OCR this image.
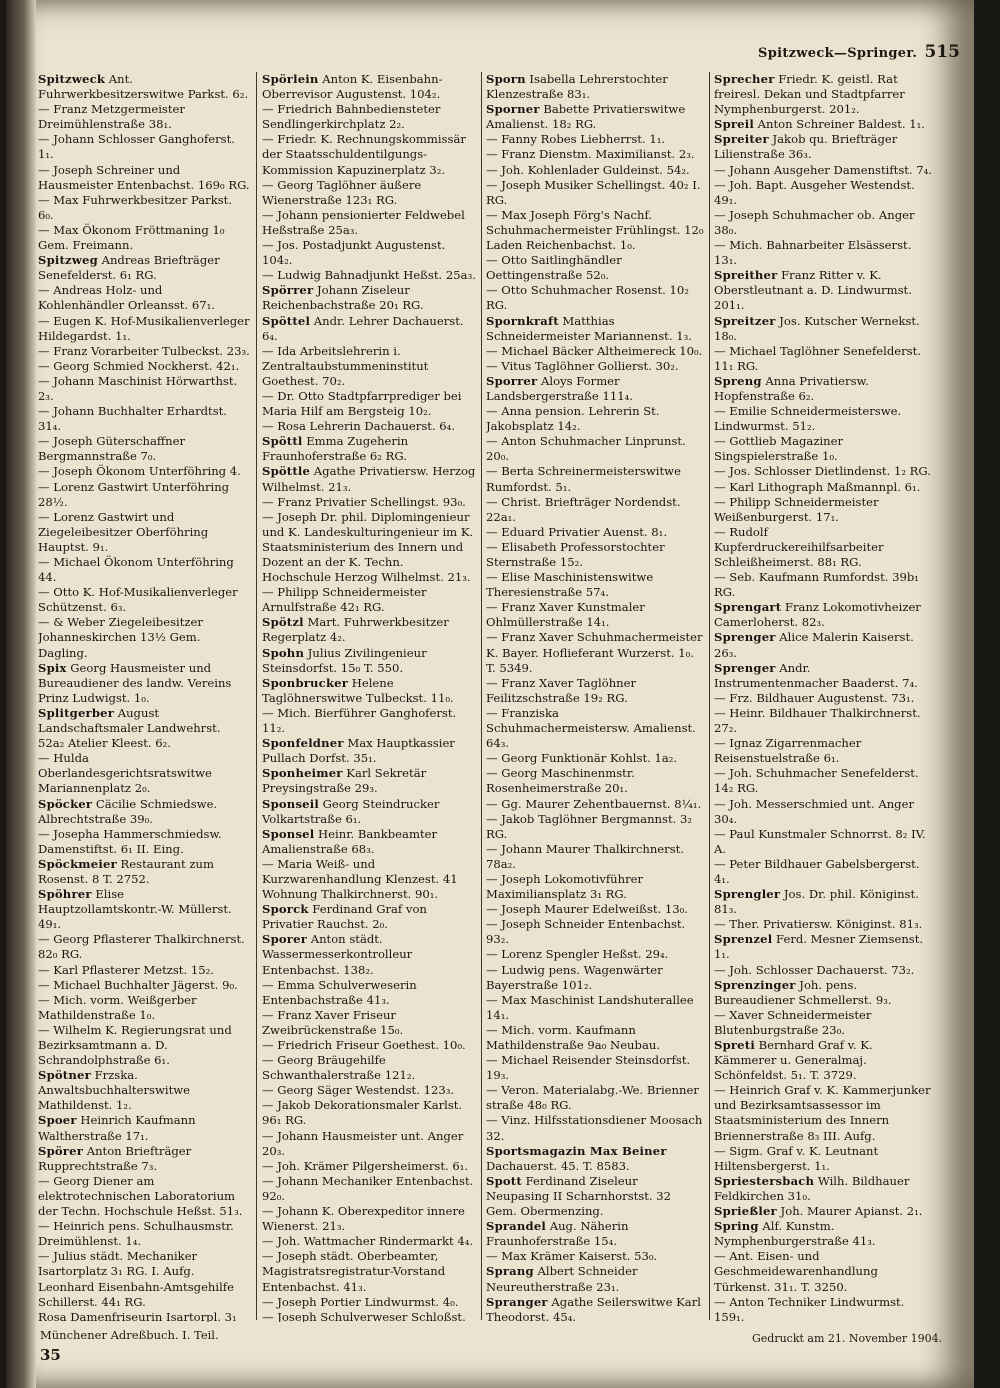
Spitzweck—Springer. 515

Spitzweck Ant. Fuhrwerkbesitzerswitwe Parkst. 6₂.

— Franz Metzgermeister Dreimühlenstraße 38₁.

— Johann Schlosser Ganghoferst. 1₁.

— Joseph Schreiner und Hausmeister Entenbachst. 169₀ RG.

— Max Fuhrwerkbesitzer Parkst. 6₀.

— Max Ökonom Fröttmaning 1₀ Gem. Freimann.

Spitzweg Andreas Briefträger Senefelderst. 6₁ RG.

— Andreas Holz- und Kohlenhändler Orleansst. 67₁.

— Eugen K. Hof-Musikalienverleger Hildegardst. 1₁.

— Franz Vorarbeiter Tulbeckst. 23₃.

— Georg Schmied Nockherst. 42₁.

— Johann Maschinist Hörwarthst. 2₃.

— Johann Buchhalter Erhardtst. 31₄.

— Joseph Güterschaffner Bergmannstraße 7₀.

— Joseph Ökonom Unterföhring 4.

— Lorenz Gastwirt Unterföhring 28½.

— Lorenz Gastwirt und Ziegeleibesitzer Oberföhring Hauptst. 9₁.

— Michael Ökonom Unterföhring 44.

— Otto K. Hof-Musikalienverleger Schützenst. 6₃.

— & Weber Ziegeleibesitzer Johanneskirchen 13½ Gem. Dagling.

Spix Georg Hausmeister und Bureaudiener des landw. Vereins Prinz Ludwigst. 1₀.

Splitgerber August Landschaftsmaler Landwehrst. 52a₂ Atelier Kleest. 6₂.

— Hulda Oberlandesgerichtsratswitwe Mariannenplatz 2₀.

Spöcker Cäcilie Schmiedswe. Albrechtstraße 39₀.

— Josepha Hammerschmiedsw. Damenstiftst. 6₁ II. Eing.

Spöckmeier Restaurant zum Rosenst. 8 T. 2752.

Spöhrer Elise Hauptzollamtskontr.-W. Müllerst. 49₁.

— Georg Pflasterer Thalkirchnerst. 82₀ RG.

— Karl Pflasterer Metzst. 15₂.

— Michael Buchhalter Jägerst. 9₀.

— Mich. vorm. Weißgerber Mathildenstraße 1₀.

— Wilhelm K. Regierungsrat und Bezirksamtmann a. D. Schrandolphstraße 6₁.

Spötner Frzska. Anwaltsbuchhalterswitwe Mathildenst. 1₂.

Spoer Heinrich Kaufmann Waltherstraße 17₁.

Spörer Anton Briefträger Rupprechtstraße 7₃.

— Georg Diener am elektrotechnischen Laboratorium der Techn. Hochschule Heßst. 51₃.

— Heinrich pens. Schulhausmstr. Dreimühlenst. 1₄.

— Julius städt. Mechaniker Isartorplatz 3₁ RG. I. Aufg.

Leonhard Eisenbahn-Amtsgehilfe Schillerst. 44₁ RG.

Rosa Damenfriseurin Isartorpl. 3₁

Spörlein Anton K. Eisenbahn-Oberrevisor Augustenst. 104₂.

— Friedrich Bahnbediensteter Sendlingerkirchplatz 2₂.

— Friedr. K. Rechnungskommissär der Staatsschuldentilgungs-Kommission Kapuzinerplatz 3₂.

— Georg Taglöhner äußere Wienerstraße 123₁ RG.

— Johann pensionierter Feldwebel Heßstraße 25a₃.

— Jos. Postadjunkt Augustenst. 104₂.

— Ludwig Bahnadjunkt Heßst. 25a₃.

Spörrer Johann Ziseleur Reichenbachstraße 20₁ RG.

Spöttel Andr. Lehrer Dachauerst. 6₄.

— Ida Arbeitslehrerin i. Zentraltaubstummeninstitut Goethest. 70₂.

— Dr. Otto Stadtpfarrprediger bei Maria Hilf am Bergsteig 10₂.

— Rosa Lehrerin Dachauerst. 6₄.

Spöttl Emma Zugeherin Fraunhoferstraße 6₂ RG.

Spöttle Agathe Privatiersw. Herzog Wilhelmst. 21₃.

— Franz Privatier Schellingst. 93₀.

— Joseph Dr. phil. Diplomingenieur und K. Landeskulturingenieur im K. Staatsministerium des Innern und Dozent an der K. Techn. Hochschule Herzog Wilhelmst. 21₃.

— Philipp Schneidermeister Arnulfstraße 42₁ RG.

Spötzl Mart. Fuhrwerkbesitzer Regerplatz 4₂.

Spohn Julius Zivilingenieur Steinsdorfst. 15₀ T. 550.

Sponbrucker Helene Taglöhnerswitwe Tulbeckst. 11₀.

— Mich. Bierführer Ganghoferst. 11₂.

Sponfeldner Max Hauptkassier Pullach Dorfst. 35₁.

Sponheimer Karl Sekretär Preysingstraße 29₃.

Sponseil Georg Steindrucker Volkartstraße 6₁.

Sponsel Heinr. Bankbeamter Amalienstraße 68₃.

— Maria Weiß- und Kurzwarenhandlung Klenzest. 41 Wohnung Thalkirchnerst. 90₁.

Sporck Ferdinand Graf von Privatier Rauchst. 2₀.

Sporer Anton städt. Wassermesserkontrolleur Entenbachst. 138₂.

— Emma Schulverweserin Entenbachstraße 41₃.

— Franz Xaver Friseur Zweibrückenstraße 15₀.

— Friedrich Friseur Goethest. 10₀.

— Georg Bräugehilfe Schwanthalerstraße 121₂.

— Georg Säger Westendst. 123₃.

— Jakob Dekorationsmaler Karlst. 96₁ RG.

— Johann Hausmeister unt. Anger 20₃.

— Joh. Krämer Pilgersheimerst. 6₁.

— Johann Mechaniker Entenbachst. 92₀.

— Johann K. Oberexpeditor innere Wienerst. 21₃.

— Joh. Wattmacher Rindermarkt 4₄.

— Joseph städt. Oberbeamter, Magistratsregistratur-Vorstand Entenbachst. 41₃.

— Joseph Portier Lindwurmst. 4₀.

— Joseph Schulverweser Schloßst.

Sporn Isabella Lehrerstochter Klenzestraße 83₁.

Sporner Babette Privatierswitwe Amalienst. 18₂ RG.

— Fanny Robes Liebherrst. 1₁.

— Franz Dienstm. Maximilianst. 2₃.

— Joh. Kohlenlader Guldeinst. 54₂.

— Joseph Musiker Schellingst. 40₂ I. RG.

— Max Joseph Förg's Nachf. Schuhmachermeister Frühlingst. 12₀ Laden Reichenbachst. 1₀.

— Otto Saitlinghändler Oettingenstraße 52₀.

— Otto Schuhmacher Rosenst. 10₂ RG.

Spornkraft Matthias Schneidermeister Mariannenst. 1₃.

— Michael Bäcker Altheimereck 10₀.

— Vitus Taglöhner Gollierst. 30₂.

Sporrer Aloys Former Landsbergerstraße 111₄.

— Anna pension. Lehrerin St. Jakobsplatz 14₂.

— Anton Schuhmacher Linprunst. 20₀.

— Berta Schreinermeisterswitwe Rumfordst. 5₁.

— Christ. Briefträger Nordendst. 22a₁.

— Eduard Privatier Auenst. 8₁.

— Elisabeth Professorstochter Sternstraße 15₂.

— Elise Maschinistenswitwe Theresienstraße 57₄.

— Franz Xaver Kunstmaler Ohlmüllerstraße 14₁.

— Franz Xaver Schuhmachermeister K. Bayer. Hoflieferant Wurzerst. 1₀. T. 5349.

— Franz Xaver Taglöhner Feilitzschstraße 19₂ RG.

— Franziska Schuhmachermeistersw. Amalienst. 64₃.

— Georg Funktionär Kohlst. 1a₂.

— Georg Maschinenmstr. Rosenheimerstraße 20₁.

— Gg. Maurer Zehentbauernst. 8¼₁.

— Jakob Taglöhner Bergmannst. 3₂ RG.

— Johann Maurer Thalkirchnerst. 78a₂.

— Joseph Lokomotivführer Maximiliansplatz 3₁ RG.

— Joseph Maurer Edelweißst. 13₀.

— Joseph Schneider Entenbachst. 93₂.

— Lorenz Spengler Heßst. 29₄.

— Ludwig pens. Wagenwärter Bayerstraße 101₂.

— Max Maschinist Landshuterallee 14₁.

— Mich. vorm. Kaufmann Mathildenstraße 9a₀ Neubau.

— Michael Reisender Steinsdorfst. 19₃.

— Veron. Materialabg.-We. Brienner straße 48₀ RG.

— Vinz. Hilfsstationsdiener Moosach 32.

Sportsmagazin Max Beiner Dachauerst. 45. T. 8583.

Spott Ferdinand Ziseleur Neupasing II Scharnhorstst. 32 Gem. Obermenzing.

Sprandel Aug. Näherin Fraunhoferstraße 15₄.

— Max Krämer Kaiserst. 53₀.

Sprang Albert Schneider Neureutherstraße 23₁.

Spranger Agathe Seilerswitwe Karl Theodorst. 45₄.

Sprecher Friedr. K. geistl. Rat freiresl. Dekan und Stadtpfarrer Nymphenburgerst. 201₂.

Spreil Anton Schreiner Baldest. 1₁.

Spreiter Jakob qu. Briefträger Lilienstraße 36₃.

— Johann Ausgeher Damenstiftst. 7₄.

— Joh. Bapt. Ausgeher Westendst. 49₁.

— Joseph Schuhmacher ob. Anger 38₀.

— Mich. Bahnarbeiter Elsässerst. 13₁.

Spreither Franz Ritter v. K. Oberstleutnant a. D. Lindwurmst. 201₁.

Spreitzer Jos. Kutscher Wernekst. 18₀.

— Michael Taglöhner Senefelderst. 11₁ RG.

Spreng Anna Privatiersw. Hopfenstraße 6₂.

— Emilie Schneidermeisterswe. Lindwurmst. 51₂.

— Gottlieb Magaziner Singspielerstraße 1₀.

— Jos. Schlosser Dietlindenst. 1₂ RG.

— Karl Lithograph Maßmannpl. 6₁.

— Philipp Schneidermeister Weißenburgerst. 17₁.

— Rudolf Kupferdruckereihilfsarbeiter Schleißheimerst. 88₁ RG.

— Seb. Kaufmann Rumfordst. 39b₁ RG.

Sprengart Franz Lokomotivheizer Camerloherst. 82₃.

Sprenger Alice Malerin Kaiserst. 26₃.

Sprenger Andr. Instrumentenmacher Baaderst. 7₄.

— Frz. Bildhauer Augustenst. 73₁.

— Heinr. Bildhauer Thalkirchnerst. 27₂.

— Ignaz Zigarrenmacher Reisenstuelstraße 6₁.

— Joh. Schuhmacher Senefelderst. 14₂ RG.

— Joh. Messerschmied unt. Anger 30₄.

— Paul Kunstmaler Schnorrst. 8₂ IV. A.

— Peter Bildhauer Gabelsbergerst. 4₁.

Sprengler Jos. Dr. phil. Königinst. 81₃.

— Ther. Privatiersw. Königinst. 81₃.

Sprenzel Ferd. Mesner Ziemsenst. 1₁.

— Joh. Schlosser Dachauerst. 73₂.

Sprenzinger Joh. pens. Bureaudiener Schmellerst. 9₃.

— Xaver Schneidermeister Blutenburgstraße 23₀.

Spreti Bernhard Graf v. K. Kämmerer u. Generalmaj. Schönfeldst. 5₁. T. 3729.

— Heinrich Graf v. K. Kammerjunker und Bezirksamtsassessor im Staatsministerium des Innern Briennerstraße 8₃ III. Aufg.

— Sigm. Graf v. K. Leutnant Hiltensbergerst. 1₁.

Spriestersbach Wilh. Bildhauer Feldkirchen 31₀.

Sprießler Joh. Maurer Apianst. 2₁.

Spring Alf. Kunstm. Nymphenburgerstraße 41₃.

— Ant. Eisen- und Geschmeidewarenhandlung Türkenst. 31₁. T. 3250.

— Anton Techniker Lindwurmst. 159₁.

Münchener Adreßbuch. I. Teil.
35
Gedruckt am 21. November 1904.
